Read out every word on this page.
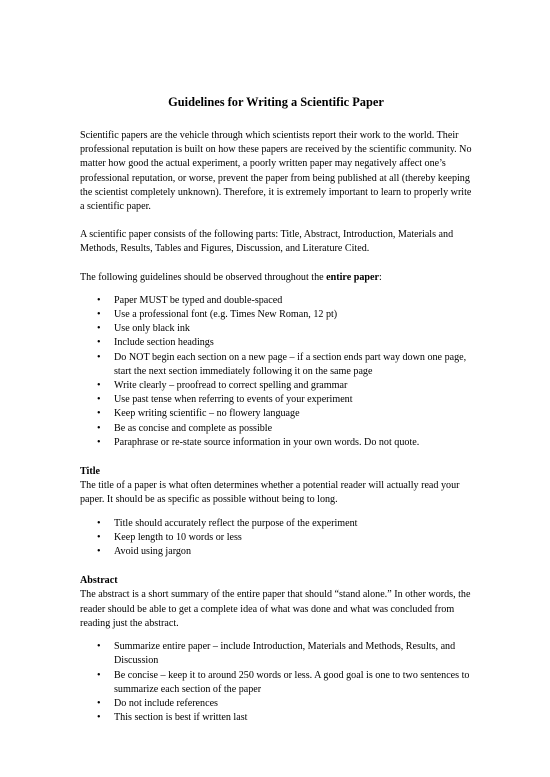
Guidelines for Writing a Scientific Paper

Scientific papers are the vehicle through which scientists report their work to the world. Their professional reputation is built on how these papers are received by the scientific community. No matter how good the actual experiment, a poorly written paper may negatively affect one’s professional reputation, or worse, prevent the paper from being published at all (thereby keeping the scientist completely unknown). Therefore, it is extremely important to learn to properly write a scientific paper.

A scientific paper consists of the following parts: Title, Abstract, Introduction, Materials and Methods, Results, Tables and Figures, Discussion, and Literature Cited.

The following guidelines should be observed throughout the entire paper:

•	Paper MUST be typed and double-spaced
•	Use a professional font (e.g. Times New Roman, 12 pt)
•	Use only black ink
•	Include section headings
•	Do NOT begin each section on a new page – if a section ends part way down one page, start the next section immediately following it on the same page
•	Write clearly – proofread to correct spelling and grammar
•	Use past tense when referring to events of your experiment
•	Keep writing scientific – no flowery language
•	Be as concise and complete as possible
•	Paraphrase or re-state source information in your own words. Do not quote.

Title

The title of a paper is what often determines whether a potential reader will actually read your paper. It should be as specific as possible without being to long.

•	Title should accurately reflect the purpose of the experiment
•	Keep length to 10 words or less
•	Avoid using jargon

Abstract

The abstract is a short summary of the entire paper that should “stand alone.” In other words, the reader should be able to get a complete idea of what was done and what was concluded from reading just the abstract.

•	Summarize entire paper – include Introduction, Materials and Methods, Results, and Discussion
•	Be concise – keep it to around 250 words or less. A good goal is one to two sentences to summarize each section of the paper
•	Do not include references
•	This section is best if written last
